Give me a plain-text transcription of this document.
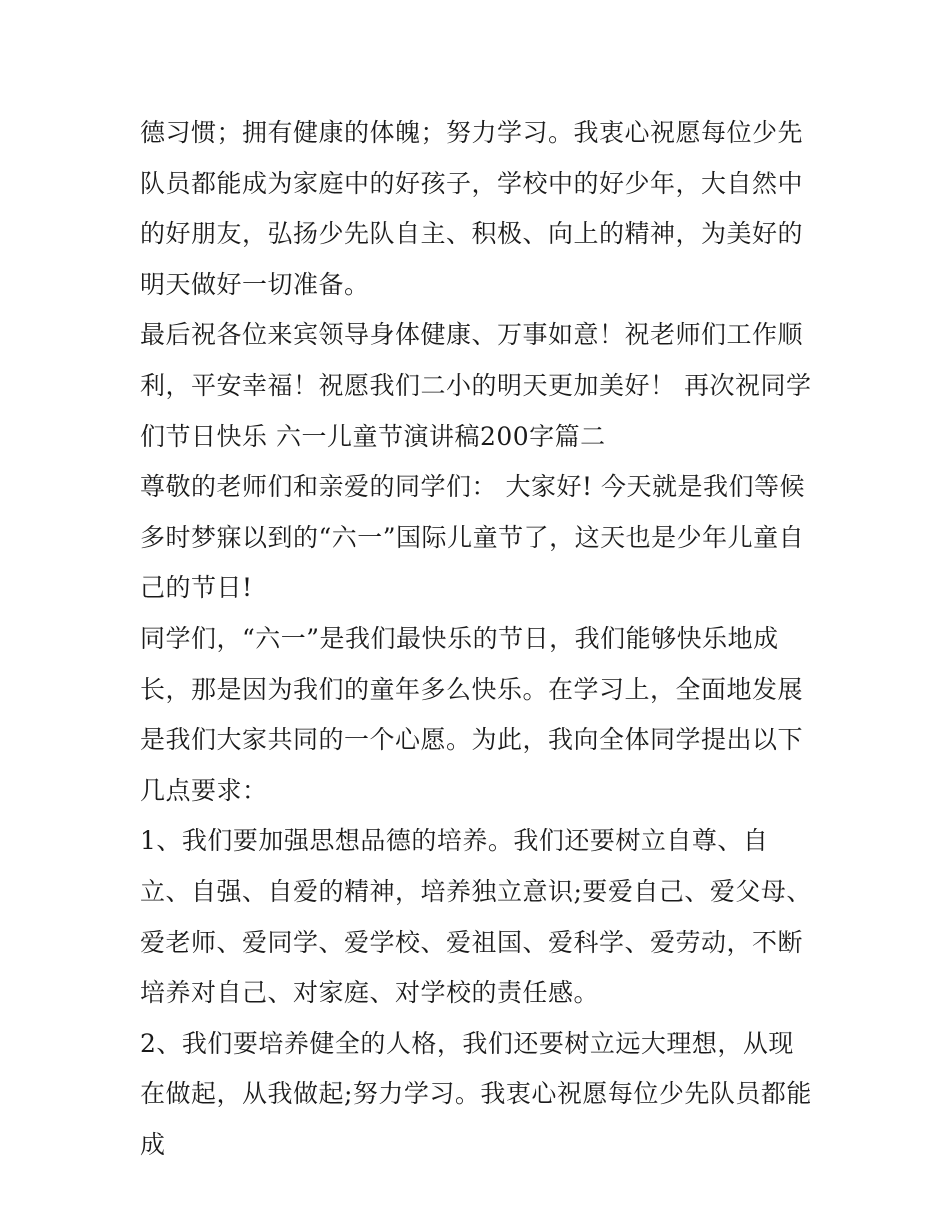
德习惯；拥有健康的体魄；努力学习。我衷心祝愿每位少先队员都能成为家庭中的好孩子，学校中的好少年，大自然中的好朋友，弘扬少先队自主、积极、向上的精神，为美好的明天做好一切准备。

最后祝各位来宾领导身体健康、万事如意！祝老师们工作顺利，平安幸福！祝愿我们二小的明天更加美好！ 再次祝同学们节日快乐 六一儿童节演讲稿200字篇二

尊敬的老师们和亲爱的同学们： 大家好! 今天就是我们等候多时梦寐以到的“六一”国际儿童节了，这天也是少年儿童自己的节日!

同学们，“六一”是我们最快乐的节日，我们能够快乐地成长，那是因为我们的童年多么快乐。在学习上，全面地发展是我们大家共同的一个心愿。为此，我向全体同学提出以下几点要求：

1、我们要加强思想品德的培养。我们还要树立自尊、自立、自强、自爱的精神，培养独立意识;要爱自己、爱父母、爱老师、爱同学、爱学校、爱祖国、爱科学、爱劳动，不断培养对自己、对家庭、对学校的责任感。

2、我们要培养健全的人格，我们还要树立远大理想，从现在做起，从我做起;努力学习。我衷心祝愿每位少先队员都能成
